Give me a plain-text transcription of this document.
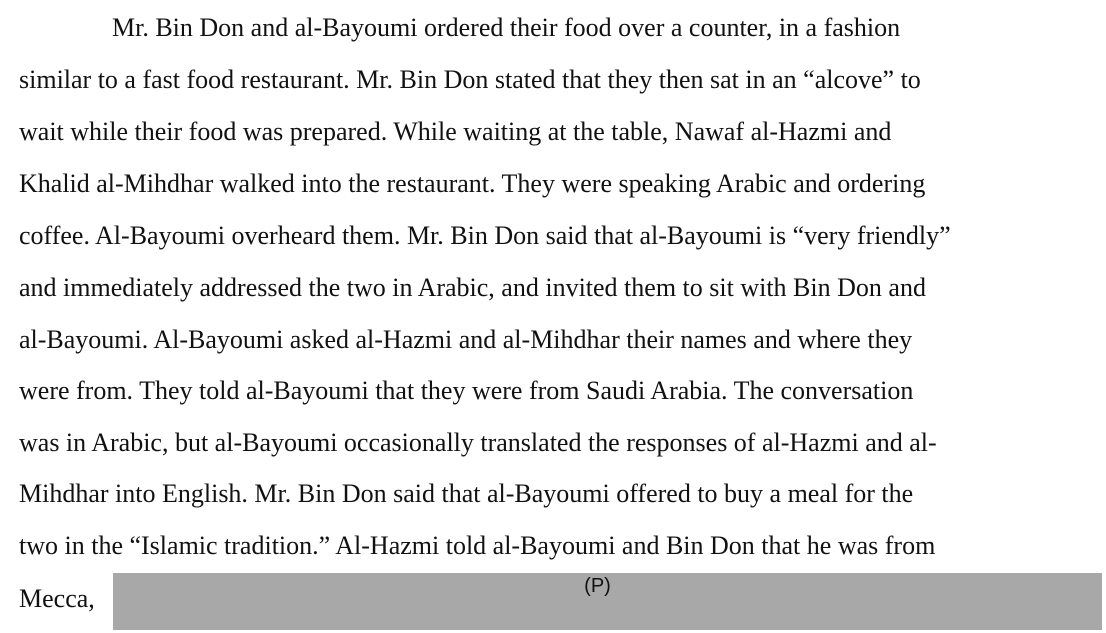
Mr. Bin Don and al-Bayoumi ordered their food over a counter, in a fashion
similar to a fast food restaurant. Mr. Bin Don stated that they then sat in an “alcove” to
wait while their food was prepared. While waiting at the table, Nawaf al-Hazmi and
Khalid al-Mihdhar walked into the restaurant. They were speaking Arabic and ordering
coffee. Al-Bayoumi overheard them. Mr. Bin Don said that al-Bayoumi is “very friendly”
and immediately addressed the two in Arabic, and invited them to sit with Bin Don and
al-Bayoumi. Al-Bayoumi asked al-Hazmi and al-Mihdhar their names and where they
were from. They told al-Bayoumi that they were from Saudi Arabia. The conversation
was in Arabic, but al-Bayoumi occasionally translated the responses of al-Hazmi and al-
Mihdhar into English. Mr. Bin Don said that al-Bayoumi offered to buy a meal for the
two in the “Islamic tradition.” Al-Hazmi told al-Bayoumi and Bin Don that he was from
Mecca,	(P)
